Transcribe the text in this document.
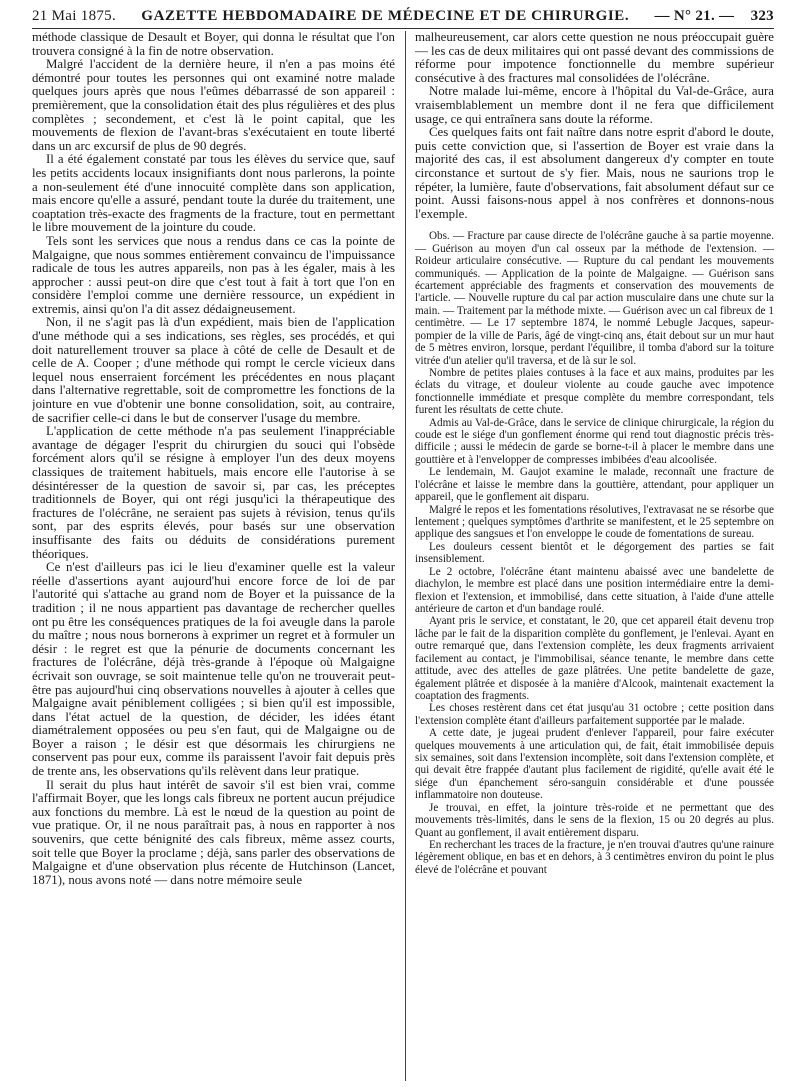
21 Mai 1875. GAZETTE HEBDOMADAIRE DE MÉDECINE ET DE CHIRURGIE. — N° 21. — 323

méthode classique de Desault et Boyer, qui donna le résultat que l'on trouvera consigné à la fin de notre observation.

Malgré l'accident de la dernière heure, il n'en a pas moins été démontré pour toutes les personnes qui ont examiné notre malade quelques jours après que nous l'eûmes débarrassé de son appareil : premièrement, que la consolidation était des plus régulières et des plus complètes ; secondement, et c'est là le point capital, que les mouvements de flexion de l'avant-bras s'exécutaient en toute liberté dans un arc excursif de plus de 90 degrés.

Il a été également constaté par tous les élèves du service que, sauf les petits accidents locaux insignifiants dont nous parlerons, la pointe a non-seulement été d'une innocuité complète dans son application, mais encore qu'elle a assuré, pendant toute la durée du traitement, une coaptation très-exacte des fragments de la fracture, tout en permettant le libre mouvement de la jointure du coude.

Tels sont les services que nous a rendus dans ce cas la pointe de Malgaigne, que nous sommes entièrement convaincu de l'impuissance radicale de tous les autres appareils, non pas à les égaler, mais à les approcher : aussi peut-on dire que c'est tout à fait à tort que l'on en considère l'emploi comme une dernière ressource, un expédient in extremis, ainsi qu'on l'a dit assez dédaigneusement.

Non, il ne s'agit pas là d'un expédient, mais bien de l'application d'une méthode qui a ses indications, ses règles, ses procédés, et qui doit naturellement trouver sa place à côté de celle de Desault et de celle de A. Cooper ; d'une méthode qui rompt le cercle vicieux dans lequel nous enserraient forcément les précédentes en nous plaçant dans l'alternative regrettable, soit de compromettre les fonctions de la jointure en vue d'obtenir une bonne consolidation, soit, au contraire, de sacrifier celle-ci dans le but de conserver l'usage du membre.

L'application de cette méthode n'a pas seulement l'inappréciable avantage de dégager l'esprit du chirurgien du souci qui l'obsède forcément alors qu'il se résigne à employer l'un des deux moyens classiques de traitement habituels, mais encore elle l'autorise à se désintéresser de la question de savoir si, par cas, les préceptes traditionnels de Boyer, qui ont régi jusqu'ici la thérapeutique des fractures de l'olécrâne, ne seraient pas sujets à révision, tenus qu'ils sont, par des esprits élevés, pour basés sur une observation insuffisante des faits ou déduits de considérations purement théoriques.

Ce n'est d'ailleurs pas ici le lieu d'examiner quelle est la valeur réelle d'assertions ayant aujourd'hui encore force de loi de par l'autorité qui s'attache au grand nom de Boyer et la puissance de la tradition ; il ne nous appartient pas davantage de rechercher quelles ont pu être les conséquences pratiques de la foi aveugle dans la parole du maître ; nous nous bornerons à exprimer un regret et à formuler un désir : le regret est que la pénurie de documents concernant les fractures de l'olécrâne, déjà très-grande à l'époque où Malgaigne écrivait son ouvrage, se soit maintenue telle qu'on ne trouverait peut-être pas aujourd'hui cinq observations nouvelles à ajouter à celles que Malgaigne avait péniblement colligées ; si bien qu'il est impossible, dans l'état actuel de la question, de décider, les idées étant diamétralement opposées ou peu s'en faut, qui de Malgaigne ou de Boyer a raison ; le désir est que désormais les chirurgiens ne conservent pas pour eux, comme ils paraissent l'avoir fait depuis près de trente ans, les observations qu'ils relèvent dans leur pratique.

Il serait du plus haut intérêt de savoir s'il est bien vrai, comme l'affirmait Boyer, que les longs cals fibreux ne portent aucun préjudice aux fonctions du membre. Là est le nœud de la question au point de vue pratique. Or, il ne nous paraîtrait pas, à nous en rapporter à nos souvenirs, que cette bénignité des cals fibreux, même assez courts, soit telle que Boyer la proclame ; déjà, sans parler des observations de Malgaigne et d'une observation plus récente de Hutchinson (Lancet, 1871), nous avons noté — dans notre mémoire seule

malheureusement, car alors cette question ne nous préoccupait guère — les cas de deux militaires qui ont passé devant des commissions de réforme pour impotence fonctionnelle du membre supérieur consécutive à des fractures mal consolidées de l'olécrâne.

Notre malade lui-même, encore à l'hôpital du Val-de-Grâce, aura vraisemblablement un membre dont il ne fera que difficilement usage, ce qui entraînera sans doute la réforme.

Ces quelques faits ont fait naître dans notre esprit d'abord le doute, puis cette conviction que, si l'assertion de Boyer est vraie dans la majorité des cas, il est absolument dangereux d'y compter en toute circonstance et surtout de s'y fier. Mais, nous ne saurions trop le répéter, la lumière, faute d'observations, fait absolument défaut sur ce point. Aussi faisons-nous appel à nos confrères et donnons-nous l'exemple.

Obs. — Fracture par cause directe de l'olécrâne gauche à sa partie moyenne. — Guérison au moyen d'un cal osseux par la méthode de l'extension. — Roideur articulaire consécutive. — Rupture du cal pendant les mouvements communiqués. — Application de la pointe de Malgaigne. — Guérison sans écartement appréciable des fragments et conservation des mouvements de l'article. — Nouvelle rupture du cal par action musculaire dans une chute sur la main. — Traitement par la méthode mixte. — Guérison avec un cal fibreux de 1 centimètre. — Le 17 septembre 1874, le nommé Lebugle Jacques, sapeur-pompier de la ville de Paris, âgé de vingt-cinq ans, était debout sur un mur haut de 5 mètres environ, lorsque, perdant l'équilibre, il tomba d'abord sur la toiture vitrée d'un atelier qu'il traversa, et de là sur le sol.

Nombre de petites plaies contuses à la face et aux mains, produites par les éclats du vitrage, et douleur violente au coude gauche avec impotence fonctionnelle immédiate et presque complète du membre correspondant, tels furent les résultats de cette chute.

Admis au Val-de-Grâce, dans le service de clinique chirurgicale, la région du coude est le siége d'un gonflement énorme qui rend tout diagnostic précis très-difficile ; aussi le médecin de garde se borne-t-il à placer le membre dans une gouttière et à l'envelopper de compresses imbibées d'eau alcoolisée.

Le lendemain, M. Gaujot examine le malade, reconnaît une fracture de l'olécrâne et laisse le membre dans la gouttière, attendant, pour appliquer un appareil, que le gonflement ait disparu.

Malgré le repos et les fomentations résolutives, l'extravasat ne se résorbe que lentement ; quelques symptômes d'arthrite se manifestent, et le 25 septembre on applique des sangsues et l'on enveloppe le coude de fomentations de sureau.

Les douleurs cessent bientôt et le dégorgement des parties se fait insensiblement.

Le 2 octobre, l'olécrâne étant maintenu abaissé avec une bandelette de diachylon, le membre est placé dans une position intermédiaire entre la demi-flexion et l'extension, et immobilisé, dans cette situation, à l'aide d'une attelle antérieure de carton et d'un bandage roulé.

Ayant pris le service, et constatant, le 20, que cet appareil était devenu trop lâche par le fait de la disparition complète du gonflement, je l'enlevai. Ayant en outre remarqué que, dans l'extension complète, les deux fragments arrivaient facilement au contact, je l'immobilisai, séance tenante, le membre dans cette attitude, avec des attelles de gaze plâtrées. Une petite bandelette de gaze, également plâtrée et disposée à la manière d'Alcook, maintenait exactement la coaptation des fragments.

Les choses restèrent dans cet état jusqu'au 31 octobre ; cette position dans l'extension complète étant d'ailleurs parfaitement supportée par le malade.

A cette date, je jugeai prudent d'enlever l'appareil, pour faire exécuter quelques mouvements à une articulation qui, de fait, était immobilisée depuis six semaines, soit dans l'extension incomplète, soit dans l'extension complète, et qui devait être frappée d'autant plus facilement de rigidité, qu'elle avait été le siége d'un épanchement séro-sanguin considérable et d'une poussée inflammatoire non douteuse.

Je trouvai, en effet, la jointure très-roide et ne permettant que des mouvements très-limités, dans le sens de la flexion, 15 ou 20 degrés au plus. Quant au gonflement, il avait entièrement disparu.

En recherchant les traces de la fracture, je n'en trouvai d'autres qu'une rainure légèrement oblique, en bas et en dehors, à 3 centimètres environ du point le plus élevé de l'olécrâne et pouvant
